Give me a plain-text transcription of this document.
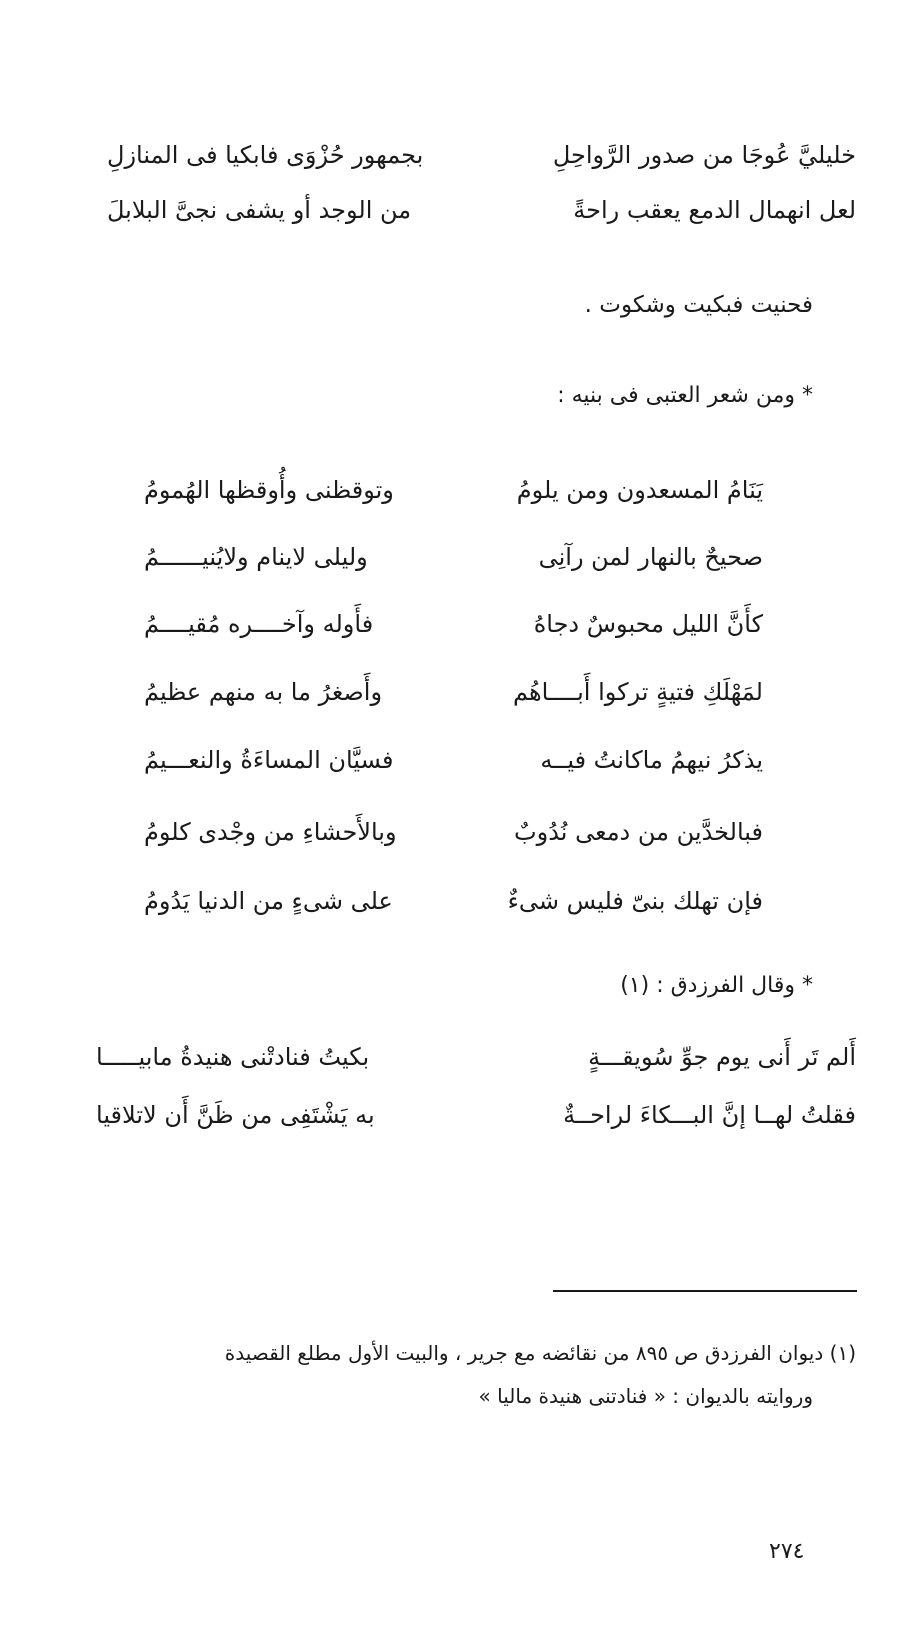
خليليَّ عُوجَا من صدور الرَّواحِلِ
بجمهور حُزْوَى فابكيا فى المنازلِ
لعل انهمال الدمع يعقب راحةً
من الوجد أو يشفى نجىَّ البلابلَ
فحنيت فبكيت وشكوت .
* ومن شعر العتبى فى بنيه :
يَنَامُ المسعدون ومن يلومُ
وتوقظنى وأُوقظها الهُمومُ
صحيحٌ بالنهار لمن رآنِى
وليلى لاينام ولايُنيــــــمُ
كأَنَّ الليل محبوسٌ دجاهُ
فأَوله وآخــــره مُقيــــمُ
لمَهْلَكِ فتيةٍ تركوا أَبــــاهُم
وأَصغرُ ما به منهم عظيمُ
يذكرُ نيهمُ ماكانتُ فيــه
فسيَّان المساءَةُ والنعـــيمُ
فبالخدَّين من دمعى نُدُوبٌ
وبالأَحشاءِ من وجْدى كلومُ
فإن تهلك بنىّ فليس شىءٌ
على شىءٍ من الدنيا يَدُومُ
* وقال الفرزدق : (١)
أَلم تَر أَنى يوم جوِّ سُويقـــةٍ
بكيتُ فنادتْنى هنيدةُ مابيـــــا
فقلتُ لهــا إنَّ البـــكاءَ لراحــةٌ
به يَشْتَفِى من ظَنَّ أَن لاتلاقيا
(١) ديوان الفرزدق ص ٨٩٥ من نقائضه مع جرير ، والبيت الأول مطلع القصيدة
وروايته بالديوان : « فنادتنى هنيدة ماليا »
٢٧٤
